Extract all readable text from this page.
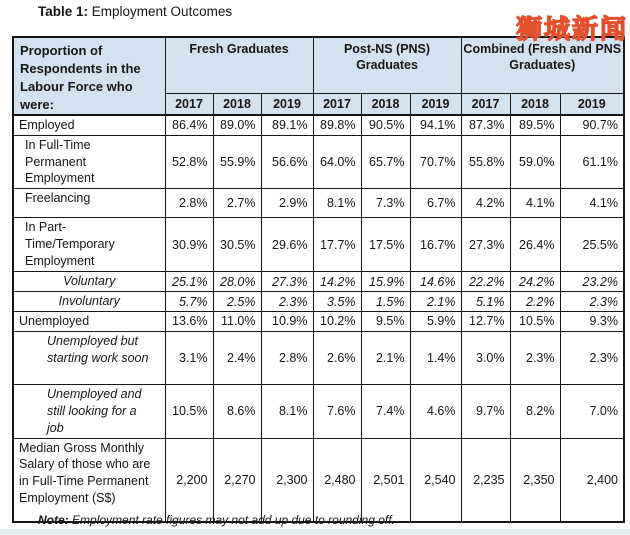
Table 1: Employment Outcomes
狮城新闻
Proportion of Respondents in the Labour Force who were:	Fresh Graduates			Post-NS (PNS) Graduates			Combined (Fresh and PNS Graduates)		
	2017	2018	2019	2017	2018	2019	2017	2018	2019
Employed	86.4%	89.0%	89.1%	89.8%	90.5%	94.1%	87.3%	89.5%	90.7%
In Full-Time Permanent Employment	52.8%	55.9%	56.6%	64.0%	65.7%	70.7%	55.8%	59.0%	61.1%
Freelancing	2.8%	2.7%	2.9%	8.1%	7.3%	6.7%	4.2%	4.1%	4.1%
In Part-Time/Temporary Employment	30.9%	30.5%	29.6%	17.7%	17.5%	16.7%	27.3%	26.4%	25.5%
Voluntary	25.1%	28.0%	27.3%	14.2%	15.9%	14.6%	22.2%	24.2%	23.2%
Involuntary	5.7%	2.5%	2.3%	3.5%	1.5%	2.1%	5.1%	2.2%	2.3%
Unemployed	13.6%	11.0%	10.9%	10.2%	9.5%	5.9%	12.7%	10.5%	9.3%
Unemployed but starting work soon	3.1%	2.4%	2.8%	2.6%	2.1%	1.4%	3.0%	2.3%	2.3%
Unemployed and still looking for a job	10.5%	8.6%	8.1%	7.6%	7.4%	4.6%	9.7%	8.2%	7.0%
Median Gross Monthly Salary of those who are in Full-Time Permanent Employment (S$)	2,200	2,270	2,300	2,480	2,501	2,540	2,235	2,350	2,400
Note: Employment rate figures may not add up due to rounding off.
